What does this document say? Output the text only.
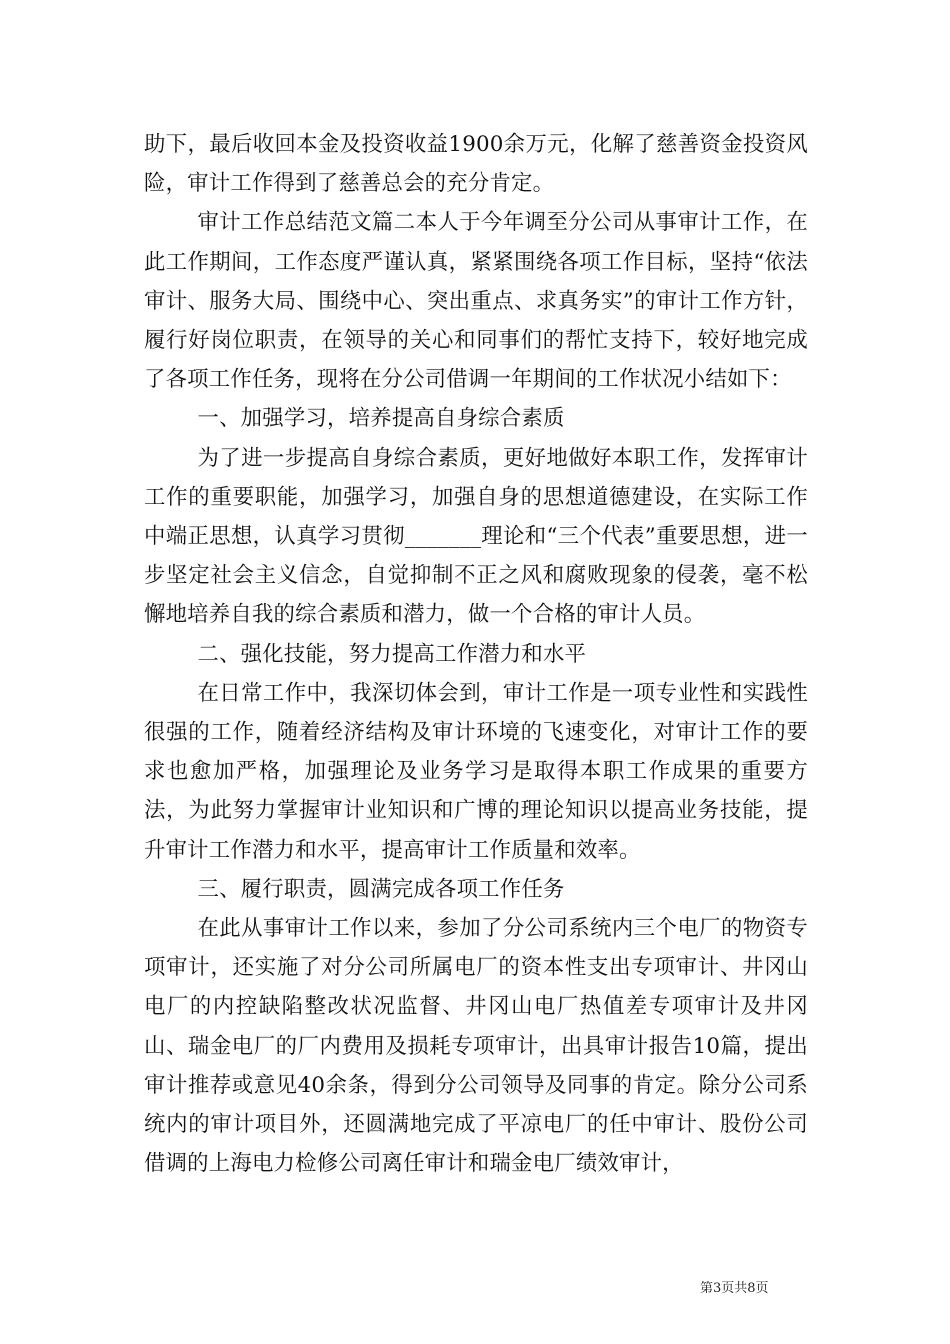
助下，最后收回本金及投资收益1900余万元，化解了慈善资金投资风险，审计工作得到了慈善总会的充分肯定。

审计工作总结范文篇二本人于今年调至分公司从事审计工作，在此工作期间，工作态度严谨认真，紧紧围绕各项工作目标，坚持“依法审计、服务大局、围绕中心、突出重点、求真务实”的审计工作方针，履行好岗位职责，在领导的关心和同事们的帮忙支持下，较好地完成了各项工作任务，现将在分公司借调一年期间的工作状况小结如下：

一、加强学习，培养提高自身综合素质

为了进一步提高自身综合素质，更好地做好本职工作，发挥审计工作的重要职能，加强学习，加强自身的思想道德建设，在实际工作中端正思想，认真学习贯彻_______理论和“三个代表”重要思想，进一步坚定社会主义信念，自觉抑制不正之风和腐败现象的侵袭，毫不松懈地培养自我的综合素质和潜力，做一个合格的审计人员。

二、强化技能，努力提高工作潜力和水平

在日常工作中，我深切体会到，审计工作是一项专业性和实践性很强的工作，随着经济结构及审计环境的飞速变化，对审计工作的要求也愈加严格，加强理论及业务学习是取得本职工作成果的重要方法，为此努力掌握审计业知识和广博的理论知识以提高业务技能，提升审计工作潜力和水平，提高审计工作质量和效率。

三、履行职责，圆满完成各项工作任务

在此从事审计工作以来，参加了分公司系统内三个电厂的物资专项审计，还实施了对分公司所属电厂的资本性支出专项审计、井冈山电厂的内控缺陷整改状况监督、井冈山电厂热值差专项审计及井冈山、瑞金电厂的厂内费用及损耗专项审计，出具审计报告10篇，提出审计推荐或意见40余条，得到分公司领导及同事的肯定。除分公司系统内的审计项目外，还圆满地完成了平凉电厂的任中审计、股份公司借调的上海电力检修公司离任审计和瑞金电厂绩效审计，

第3页共8页
